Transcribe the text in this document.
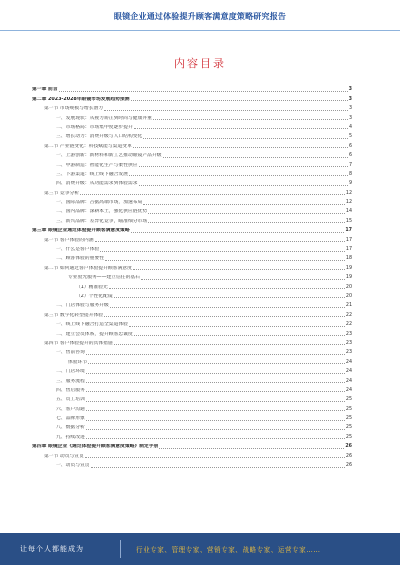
眼镜企业通过体验提升顾客满意度策略研究报告
内容目录
第一章 前言	3
第二章 2023-2028年眼镜市场发展趋势预测	3
第一节 市场规模与增长潜力	3
一、发展现状：从视力矫正到时尚与健康并重	3
二、市场格局：市场集中度逐步提升	4
三、增长动力：消费升级与人口结构变化	5
第二节 产业链变化：科技赋能与渠道变革	6
一、上游创新：新材料和新工艺推动眼镜产品升级	6
二、中游制造：智能化生产与柔性供应	7
三、下游渠道：线上线下融合发展	8
四、消费升级：从功能需求到体验需求	9
第三节 竞争分析	12
一、国际品牌：占据高端市场，加速布局	12
二、国内品牌：深耕本土，强化供应链优势	14
三、新兴品牌：差异化竞争，瞄准细分市场	15
第三章 眼镜企业通过体验提升顾客满意度策略	17
第一节 客户体验的内涵	17
一、什么是客户体验	17
二、顾客体验的重要性	18
第二节 如何通过客户体验提升顾客满意度	19
专业验光服务——建立信任的基石	19
（1）精准验光	20
（2）个性化配镜	20
二、门店体验与服务升级	21
第三节 数字化转型提升体验	22
一、线上线下融合打造全渠道体验	22
二、建立会员体系，提升顾客忠诚度	23
第四节 客户体验提升的具体措施	23
一、售前咨询	23
体验环节	24
二、门店环境	24
三、服务流程	24
四、售后服务	24
五、员工培训	25
六、客户沟通	25
七、品牌形象	25
八、数据分析	25
九、持续改进	25
第四章 眼镜企业《通过体验提升顾客满意度策略》制定手册	26
第一节 动员与宣贯	26
一、动员与宣贯	26
让每个人都能成为	行业专家、管理专家、营销专家、战略专家、运营专家……
